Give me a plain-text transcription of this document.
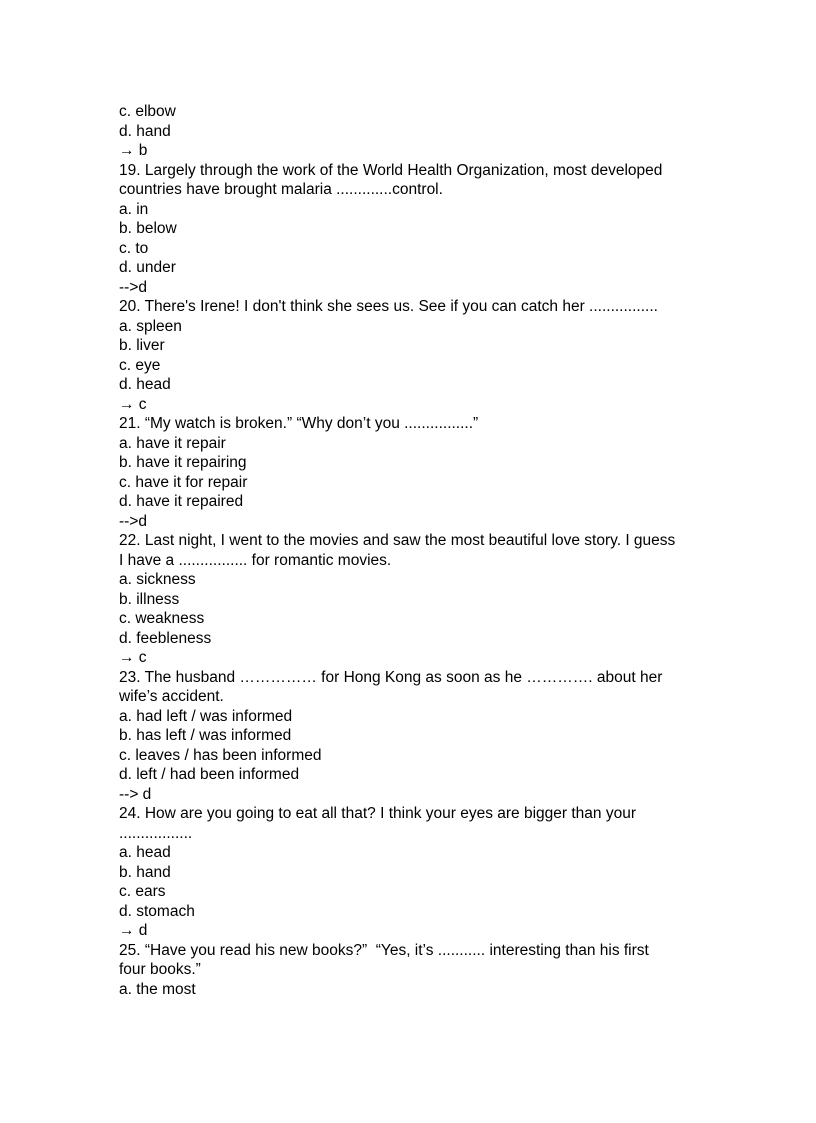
c. elbow
d. hand
→ b
19. Largely through the work of the World Health Organization, most developed
countries have brought malaria .............control.
a. in
b. below
c. to
d. under
-->d
20. There's Irene! I don't think she sees us. See if you can catch her ................
a. spleen
b. liver
c. eye
d. head
→ c
21. “My watch is broken.” “Why don’t you ................”
a. have it repair
b. have it repairing
c. have it for repair
d. have it repaired
-->d
22. Last night, I went to the movies and saw the most beautiful love story. I guess
I have a ................ for romantic movies.
a. sickness
b. illness
c. weakness
d. feebleness
→ c
23. The husband …………… for Hong Kong as soon as he …………. about her
wife’s accident.
a. had left / was informed
b. has left / was informed
c. leaves / has been informed
d. left / had been informed
--> d
24. How are you going to eat all that? I think your eyes are bigger than your
.................
a. head
b. hand
c. ears
d. stomach
→ d
25. “Have you read his new books?”  “Yes, it’s ........... interesting than his first
four books.”
a. the most
